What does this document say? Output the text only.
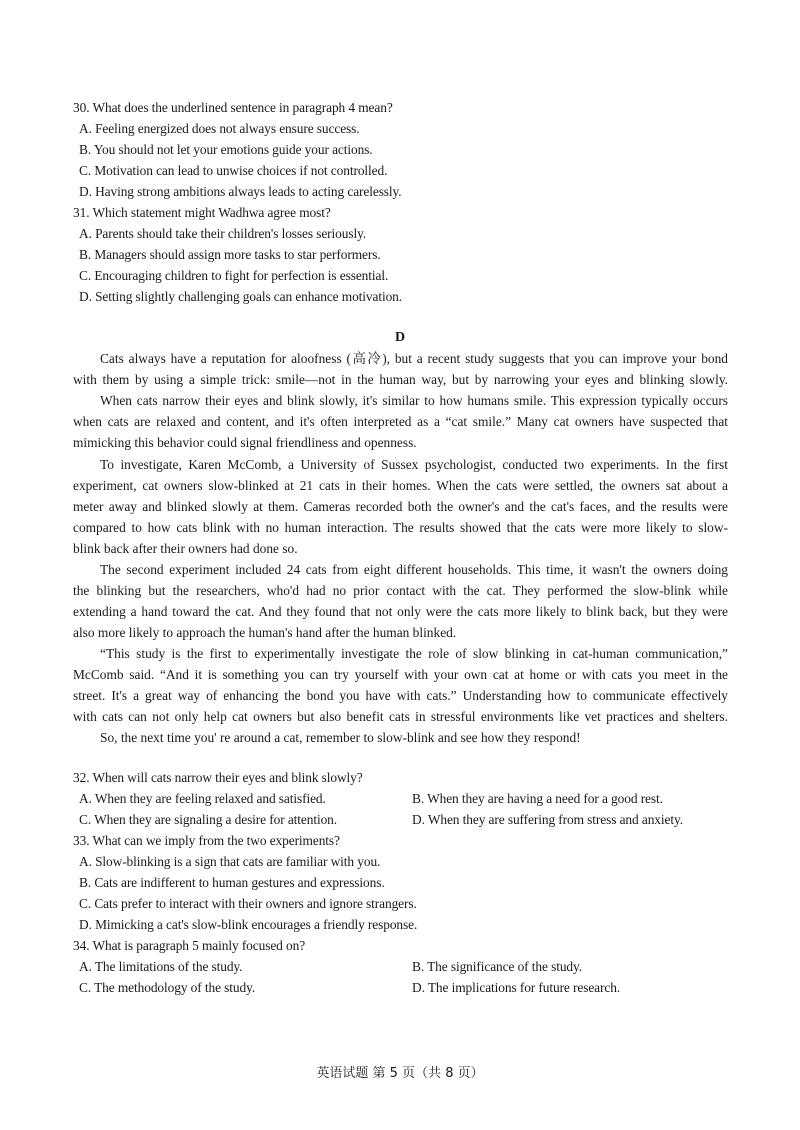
30. What does the underlined sentence in paragraph 4 mean?
A. Feeling energized does not always ensure success.
B. You should not let your emotions guide your actions.
C. Motivation can lead to unwise choices if not controlled.
D. Having strong ambitions always leads to acting carelessly.
31. Which statement might Wadhwa agree most?
A. Parents should take their children's losses seriously.
B. Managers should assign more tasks to star performers.
C. Encouraging children to fight for perfection is essential.
D. Setting slightly challenging goals can enhance motivation.
D
Cats always have a reputation for aloofness (高冷), but a recent study suggests that you can improve your bond
with them by using a simple trick: smile—not in the human way, but by narrowing your eyes and blinking slowly.
When cats narrow their eyes and blink slowly, it's similar to how humans smile. This expression typically occurs
when cats are relaxed and content, and it's often interpreted as a “cat smile.” Many cat owners have suspected that
mimicking this behavior could signal friendliness and openness.
To investigate, Karen McComb, a University of Sussex psychologist, conducted two experiments. In the first
experiment, cat owners slow-blinked at 21 cats in their homes. When the cats were settled, the owners sat about a
meter away and blinked slowly at them. Cameras recorded both the owner's and the cat's faces, and the results were
compared to how cats blink with no human interaction. The results showed that the cats were more likely to slow-
blink back after their owners had done so.
The second experiment included 24 cats from eight different households. This time, it wasn't the owners doing
the blinking but the researchers, who'd had no prior contact with the cat. They performed the slow-blink while
extending a hand toward the cat. And they found that not only were the cats more likely to blink back, but they were
also more likely to approach the human's hand after the human blinked.
“This study is the first to experimentally investigate the role of slow blinking in cat-human communication,”
McComb said. “And it is something you can try yourself with your own cat at home or with cats you meet in the
street. It's a great way of enhancing the bond you have with cats.” Understanding how to communicate effectively
with cats can not only help cat owners but also benefit cats in stressful environments like vet practices and shelters.
So, the next time you' re around a cat, remember to slow-blink and see how they respond!
32. When will cats narrow their eyes and blink slowly?
A. When they are feeling relaxed and satisfied.	B. When they are having a need for a good rest.
C. When they are signaling a desire for attention.	D. When they are suffering from stress and anxiety.
33. What can we imply from the two experiments?
A. Slow-blinking is a sign that cats are familiar with you.
B. Cats are indifferent to human gestures and expressions.
C. Cats prefer to interact with their owners and ignore strangers.
D. Mimicking a cat's slow-blink encourages a friendly response.
34. What is paragraph 5 mainly focused on?
A. The limitations of the study.	B. The significance of the study.
C. The methodology of the study.	D. The implications for future research.
英语试题 第 5 页（共 8 页）
